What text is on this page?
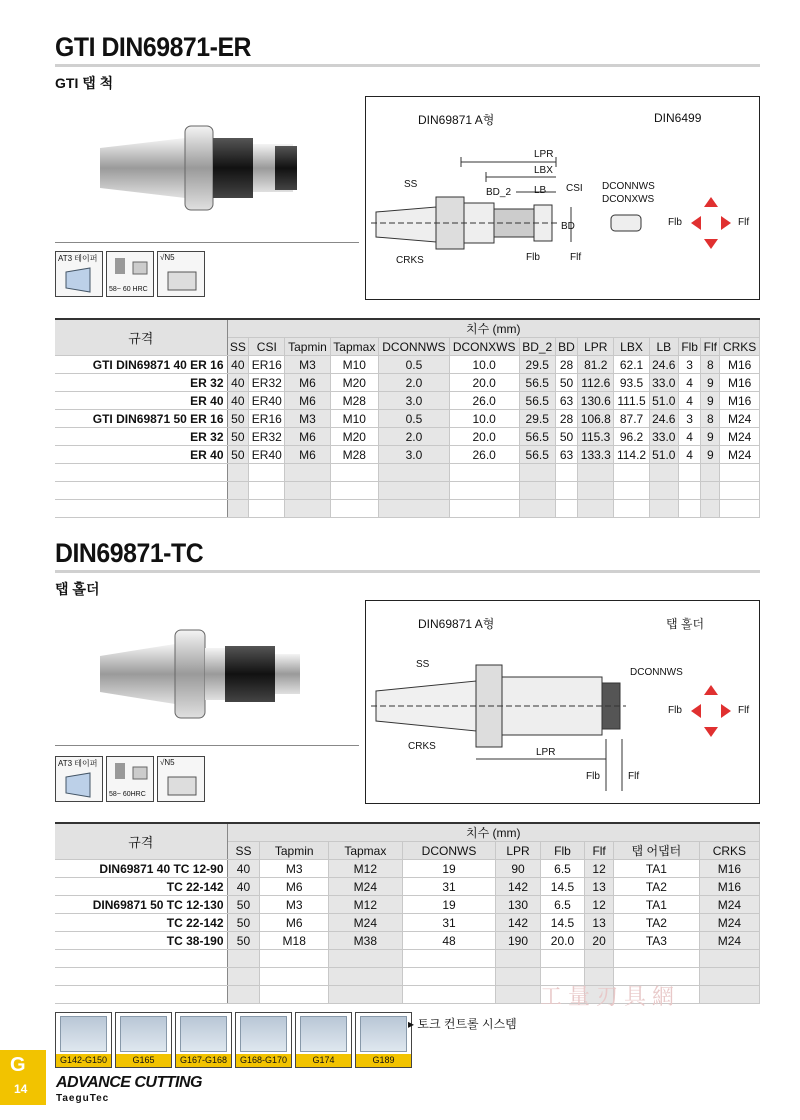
GTI DIN69871-ER
GTI 탭 척
AT3 테이퍼
58~ 60 HRC
√N5
DIN69871 A형	DIN6499
LPR
LBX
SS
BD_2 LB CSI
BD
CRKS	Flb	Flf
DCONNWS
DCONXWS
Flb	Flf
규격	치수 (mm)													
	SS	CSI	Tapmin	Tapmax	DCONNWS	DCONXWS	BD_2	BD	LPR	LBX	LB	Flb	Flf	CRKS
GTI DIN69871 40 ER 16	40	ER16	M3	M10	0.5	10.0	29.5	28	81.2	62.1	24.6	3	8	M16
ER 32	40	ER32	M6	M20	2.0	20.0	56.5	50	112.6	93.5	33.0	4	9	M16
ER 40	40	ER40	M6	M28	3.0	26.0	56.5	63	130.6	111.5	51.0	4	9	M16
GTI DIN69871 50 ER 16	50	ER16	M3	M10	0.5	10.0	29.5	28	106.8	87.7	24.6	3	8	M24
ER 32	50	ER32	M6	M20	2.0	20.0	56.5	50	115.3	96.2	33.0	4	9	M24
ER 40	50	ER40	M6	M28	3.0	26.0	56.5	63	133.3	114.2	51.0	4	9	M24

DIN69871-TC
탭 홀더
AT3 테이퍼
58~ 60HRC
√N5
DIN69871 A형	탭 홀더
SS
DCONNWS
CRKS
LPR
Flb	Flf
Flb	Flf
규격	치수 (mm)								
	SS	Tapmin	Tapmax	DCONWS	LPR	Flb	Flf	탭 어댑터	CRKS
DIN69871 40 TC 12-90	40	M3	M12	19	90	6.5	12	TA1	M16
TC 22-142	40	M6	M24	31	142	14.5	13	TA2	M16
DIN69871 50 TC 12-130	50	M3	M12	19	130	6.5	12	TA1	M24
TC 22-142	50	M6	M24	31	142	14.5	13	TA2	M24
TC 38-190	50	M18	M38	48	190	20.0	20	TA3	M24

工量刃具網
G142-G150	G165	G167-G168	G168-G170	G174	G189
▸ 토크 컨트롤 시스템
G
14 ADVANCE CUTTING
TaeguTec
